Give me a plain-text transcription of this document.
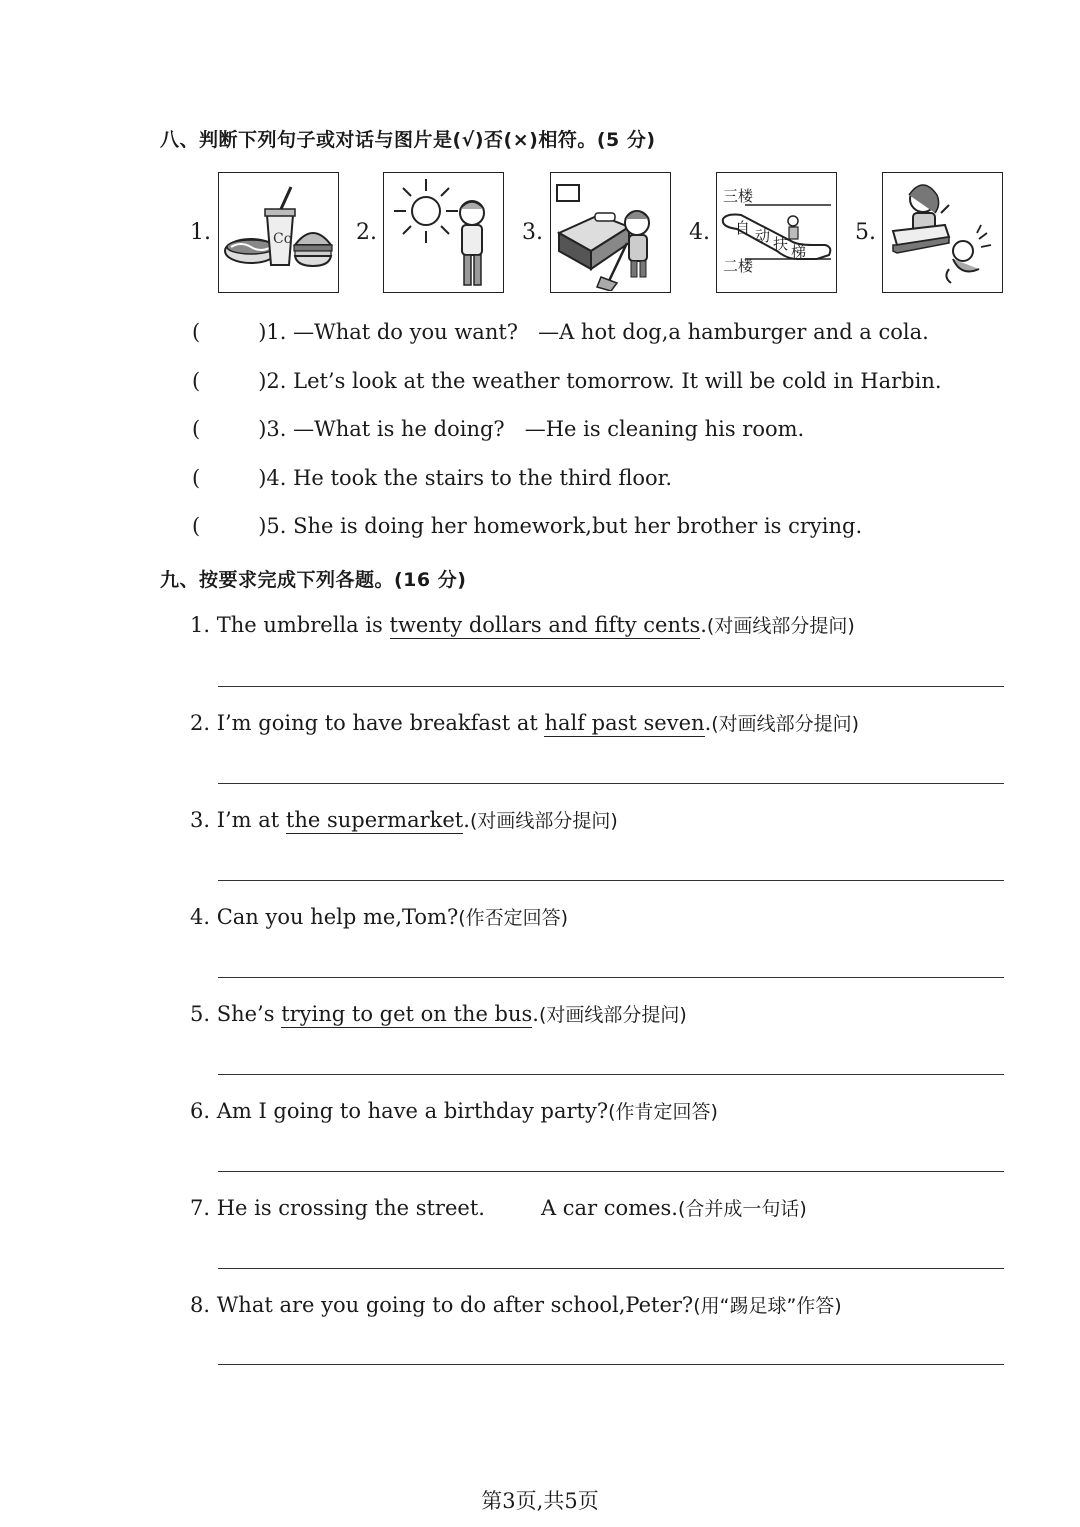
八、判断下列句子或对话与图片是(√)否(×)相符。(5 分)
1.	Co	2.	3.	4.
三楼
自 动 扶 梯
二楼
5.
(	)1. —What do you want?   —A hot dog,a hamburger and a cola.
(	)2. Let’s look at the weather tomorrow. It will be cold in Harbin.
(	)3. —What is he doing?   —He is cleaning his room.
(	)4. He took the stairs to the third floor.
(	)5. She is doing her homework,but her brother is crying.
九、按要求完成下列各题。(16 分)
1. The umbrella is twenty dollars and fifty cents.(对画线部分提问)
2. I’m going to have breakfast at half past seven.(对画线部分提问)
3. I’m at the supermarket.(对画线部分提问)
4. Can you help me,Tom?(作否定回答)
5. She’s trying to get on the bus.(对画线部分提问)
6. Am I going to have a birthday party?(作肯定回答)
7. He is crossing the street.	A car comes.(合并成一句话)
8. What are you going to do after school,Peter?(用“踢足球”作答)
第3页,共5页
